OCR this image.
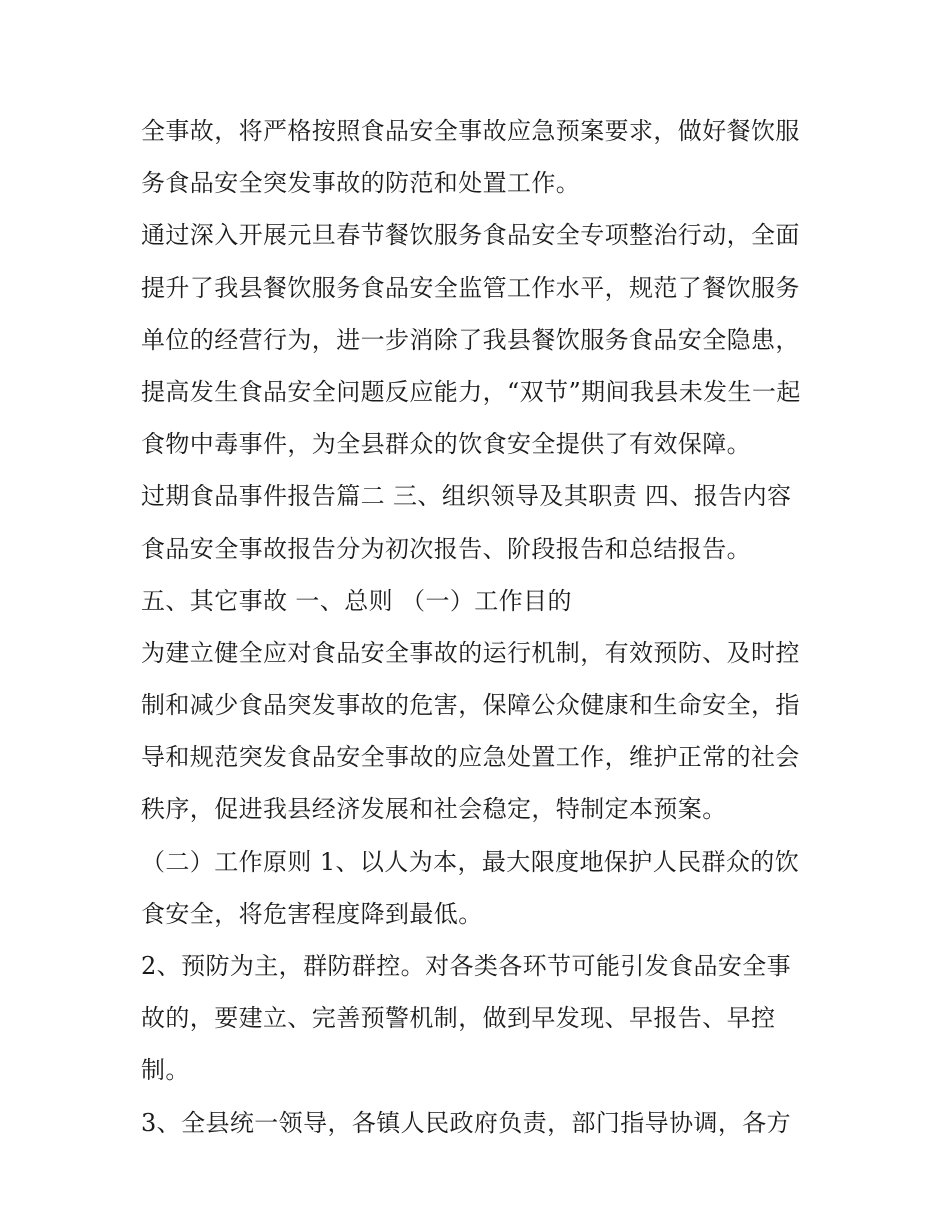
全事故，将严格按照食品安全事故应急预案要求，做好餐饮服
务食品安全突发事故的防范和处置工作。
通过深入开展元旦春节餐饮服务食品安全专项整治行动，全面
提升了我县餐饮服务食品安全监管工作水平，规范了餐饮服务
单位的经营行为，进一步消除了我县餐饮服务食品安全隐患，
提高发生食品安全问题反应能力，“双节”期间我县未发生一起
食物中毒事件，为全县群众的饮食安全提供了有效保障。
过期食品事件报告篇二 三、组织领导及其职责 四、报告内容
食品安全事故报告分为初次报告、阶段报告和总结报告。
五、其它事故 一、总则 （一）工作目的
为建立健全应对食品安全事故的运行机制，有效预防、及时控
制和减少食品突发事故的危害，保障公众健康和生命安全，指
导和规范突发食品安全事故的应急处置工作，维护正常的社会
秩序，促进我县经济发展和社会稳定，特制定本预案。
（二）工作原则 1、以人为本，最大限度地保护人民群众的饮
食安全，将危害程度降到最低。
2、预防为主，群防群控。对各类各环节可能引发食品安全事
故的，要建立、完善预警机制，做到早发现、早报告、早控
制。
3、全县统一领导，各镇人民政府负责，部门指导协调，各方
